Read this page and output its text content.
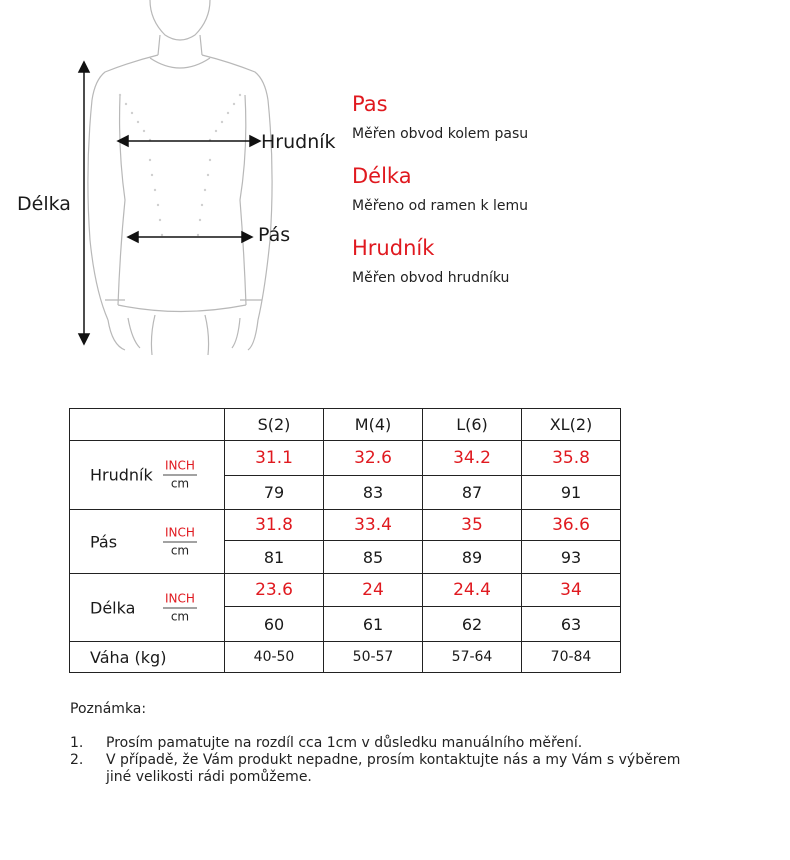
Délka
Hrudník
Pás
Pas
Měřen obvod kolem pasu
Délka
Měřeno od ramen k lemu
Hrudník
Měřen obvod hrudníku
	S(2)	M(4)	L(6)	XL(2)

Hrudník INCH
cm	31.1	32.6	34.2	35.8
	79	83	87	91

Pás INCH
cm	31.8	33.4	35	36.6
	81	85	89	93

Délka INCH
cm	23.6	24	24.4	34
	60	61	62	63
Váha (kg)	40-50	50-57	57-64	70-84
Poznámka:
1.	Prosím pamatujte na rozdíl cca 1cm v důsledku manuálního měření.
2.	V případě, že Vám produkt nepadne, prosím kontaktujte nás a my Vám s výběrem jiné velikosti rádi pomůžeme.
